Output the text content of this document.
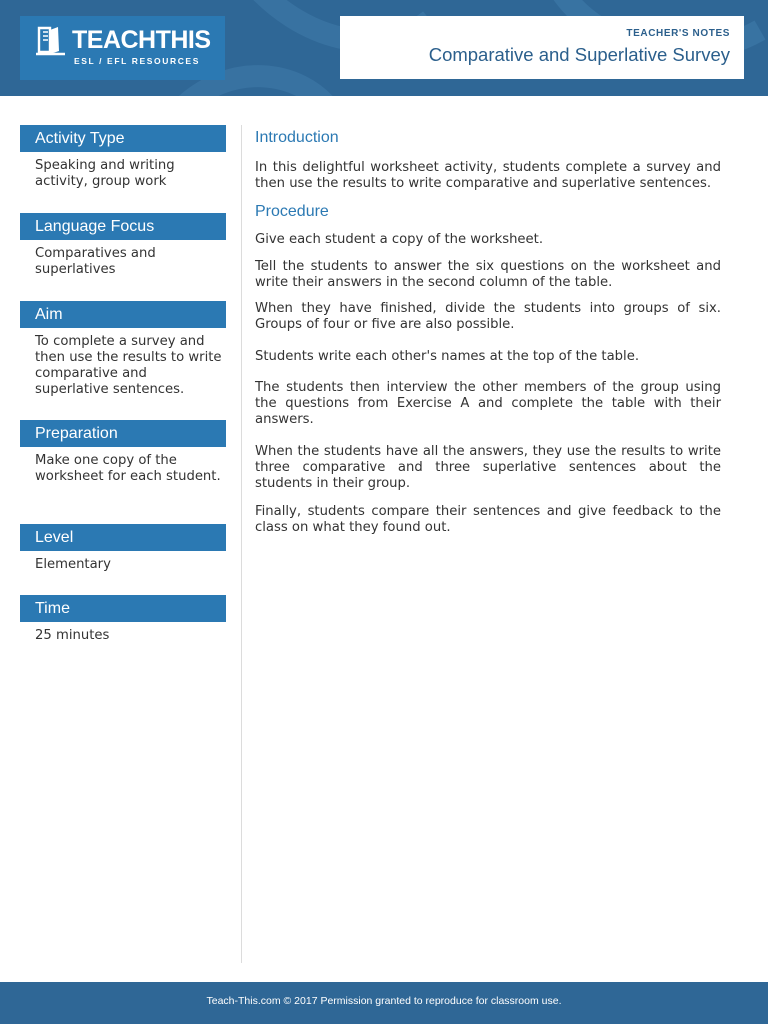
TEACHTHIS
ESL / EFL RESOURCES
TEACHER'S NOTES
Comparative and Superlative Survey
Activity Type
Speaking and writing activity, group work
Language Focus
Comparatives and superlatives
Aim
To complete a survey and then use the results to write comparative and superlative sentences.
Preparation
Make one copy of the worksheet for each student.
Level
Elementary
Time
25 minutes
Introduction

In this delightful worksheet activity, students complete a survey and then use the results to write comparative and superlative sentences.

Procedure

Give each student a copy of the worksheet.

Tell the students to answer the six questions on the worksheet and write their answers in the second column of the table.

When they have finished, divide the students into groups of six. Groups of four or five are also possible.

Students write each other's names at the top of the table.

The students then interview the other members of the group using the questions from Exercise A and complete the table with their answers.

When the students have all the answers, they use the results to write three comparative and three superlative sentences about the students in their group.

Finally, students compare their sentences and give feedback to the class on what they found out.

Teach-This.com © 2017 Permission granted to reproduce for classroom use.
